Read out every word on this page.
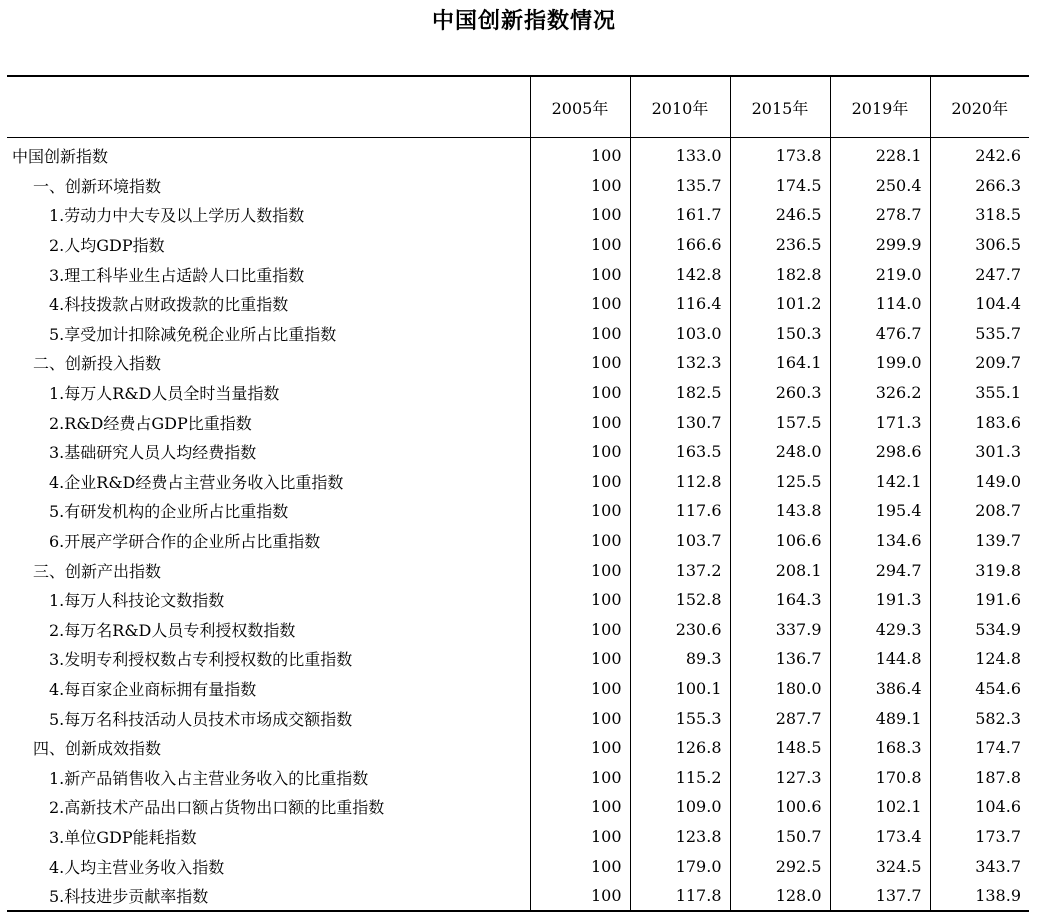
中国创新指数情况
	2005年	2010年	2015年	2019年	2020年
中国创新指数	100	133.0	173.8	228.1	242.6
一、创新环境指数	100	135.7	174.5	250.4	266.3
1.劳动力中大专及以上学历人数指数	100	161.7	246.5	278.7	318.5
2.人均GDP指数	100	166.6	236.5	299.9	306.5
3.理工科毕业生占适龄人口比重指数	100	142.8	182.8	219.0	247.7
4.科技拨款占财政拨款的比重指数	100	116.4	101.2	114.0	104.4
5.享受加计扣除减免税企业所占比重指数	100	103.0	150.3	476.7	535.7
二、创新投入指数	100	132.3	164.1	199.0	209.7
1.每万人R&D人员全时当量指数	100	182.5	260.3	326.2	355.1
2.R&D经费占GDP比重指数	100	130.7	157.5	171.3	183.6
3.基础研究人员人均经费指数	100	163.5	248.0	298.6	301.3
4.企业R&D经费占主营业务收入比重指数	100	112.8	125.5	142.1	149.0
5.有研发机构的企业所占比重指数	100	117.6	143.8	195.4	208.7
6.开展产学研合作的企业所占比重指数	100	103.7	106.6	134.6	139.7
三、创新产出指数	100	137.2	208.1	294.7	319.8
1.每万人科技论文数指数	100	152.8	164.3	191.3	191.6
2.每万名R&D人员专利授权数指数	100	230.6	337.9	429.3	534.9
3.发明专利授权数占专利授权数的比重指数	100	89.3	136.7	144.8	124.8
4.每百家企业商标拥有量指数	100	100.1	180.0	386.4	454.6
5.每万名科技活动人员技术市场成交额指数	100	155.3	287.7	489.1	582.3
四、创新成效指数	100	126.8	148.5	168.3	174.7
1.新产品销售收入占主营业务收入的比重指数	100	115.2	127.3	170.8	187.8
2.高新技术产品出口额占货物出口额的比重指数	100	109.0	100.6	102.1	104.6
3.单位GDP能耗指数	100	123.8	150.7	173.4	173.7
4.人均主营业务收入指数	100	179.0	292.5	324.5	343.7
5.科技进步贡献率指数	100	117.8	128.0	137.7	138.9
